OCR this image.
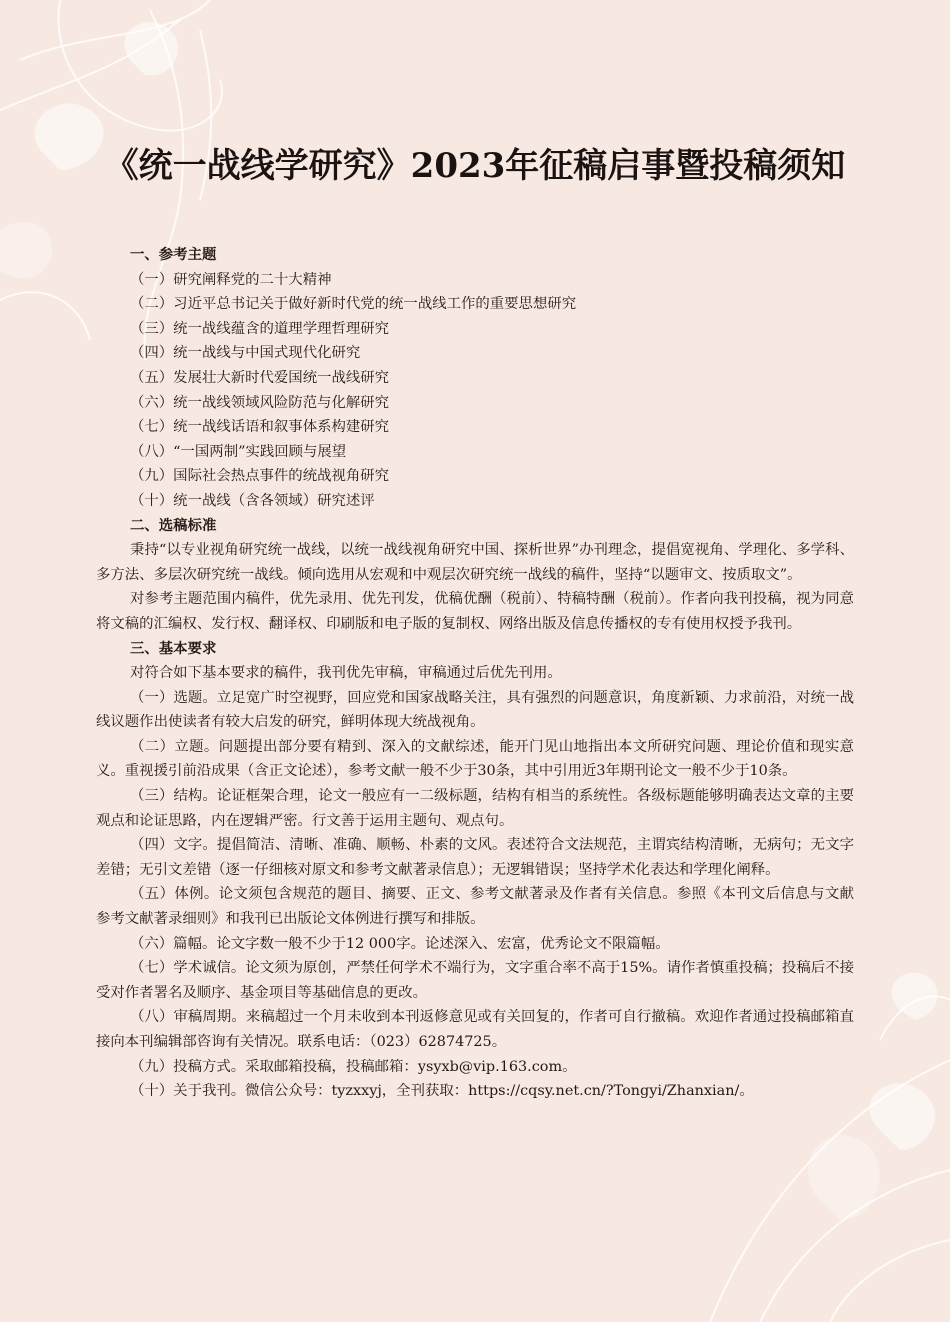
《统一战线学研究》2023年征稿启事暨投稿须知

一、参考主题

（一）研究阐释党的二十大精神

（二）习近平总书记关于做好新时代党的统一战线工作的重要思想研究

（三）统一战线蕴含的道理学理哲理研究

（四）统一战线与中国式现代化研究

（五）发展壮大新时代爱国统一战线研究

（六）统一战线领域风险防范与化解研究

（七）统一战线话语和叙事体系构建研究

（八）“一国两制”实践回顾与展望

（九）国际社会热点事件的统战视角研究

（十）统一战线（含各领域）研究述评

二、选稿标准

秉持“以专业视角研究统一战线，以统一战线视角研究中国、探析世界”办刊理念，提倡宽视角、学理化、多学科、多方法、多层次研究统一战线。倾向选用从宏观和中观层次研究统一战线的稿件，坚持“以题审文、按质取文”。

对参考主题范围内稿件，优先录用、优先刊发，优稿优酬（税前）、特稿特酬（税前）。作者向我刊投稿，视为同意将文稿的汇编权、发行权、翻译权、印刷版和电子版的复制权、网络出版及信息传播权的专有使用权授予我刊。

三、基本要求

对符合如下基本要求的稿件，我刊优先审稿，审稿通过后优先刊用。

（一）选题。立足宽广时空视野，回应党和国家战略关注，具有强烈的问题意识，角度新颖、力求前沿，对统一战线议题作出使读者有较大启发的研究，鲜明体现大统战视角。

（二）立题。问题提出部分要有精到、深入的文献综述，能开门见山地指出本文所研究问题、理论价值和现实意义。重视援引前沿成果（含正文论述），参考文献一般不少于30条，其中引用近3年期刊论文一般不少于10条。

（三）结构。论证框架合理，论文一般应有一二级标题，结构有相当的系统性。各级标题能够明确表达文章的主要观点和论证思路，内在逻辑严密。行文善于运用主题句、观点句。

（四）文字。提倡简洁、清晰、准确、顺畅、朴素的文风。表述符合文法规范，主谓宾结构清晰，无病句；无文字差错；无引文差错（逐一仔细核对原文和参考文献著录信息）；无逻辑错误；坚持学术化表达和学理化阐释。

（五）体例。论文须包含规范的题目、摘要、正文、参考文献著录及作者有关信息。参照《本刊文后信息与文献 参考文献著录细则》和我刊已出版论文体例进行撰写和排版。

（六）篇幅。论文字数一般不少于12 000字。论述深入、宏富，优秀论文不限篇幅。

（七）学术诚信。论文须为原创，严禁任何学术不端行为，文字重合率不高于15%。请作者慎重投稿；投稿后不接受对作者署名及顺序、基金项目等基础信息的更改。

（八）审稿周期。来稿超过一个月未收到本刊返修意见或有关回复的，作者可自行撤稿。欢迎作者通过投稿邮箱直接向本刊编辑部咨询有关情况。联系电话：（023）62874725。

（九）投稿方式。采取邮箱投稿，投稿邮箱：ysyxb@vip.163.com。

（十）关于我刊。微信公众号：tyzxxyj，全刊获取：https://cqsy.net.cn/?Tongyi/Zhanxian/。
